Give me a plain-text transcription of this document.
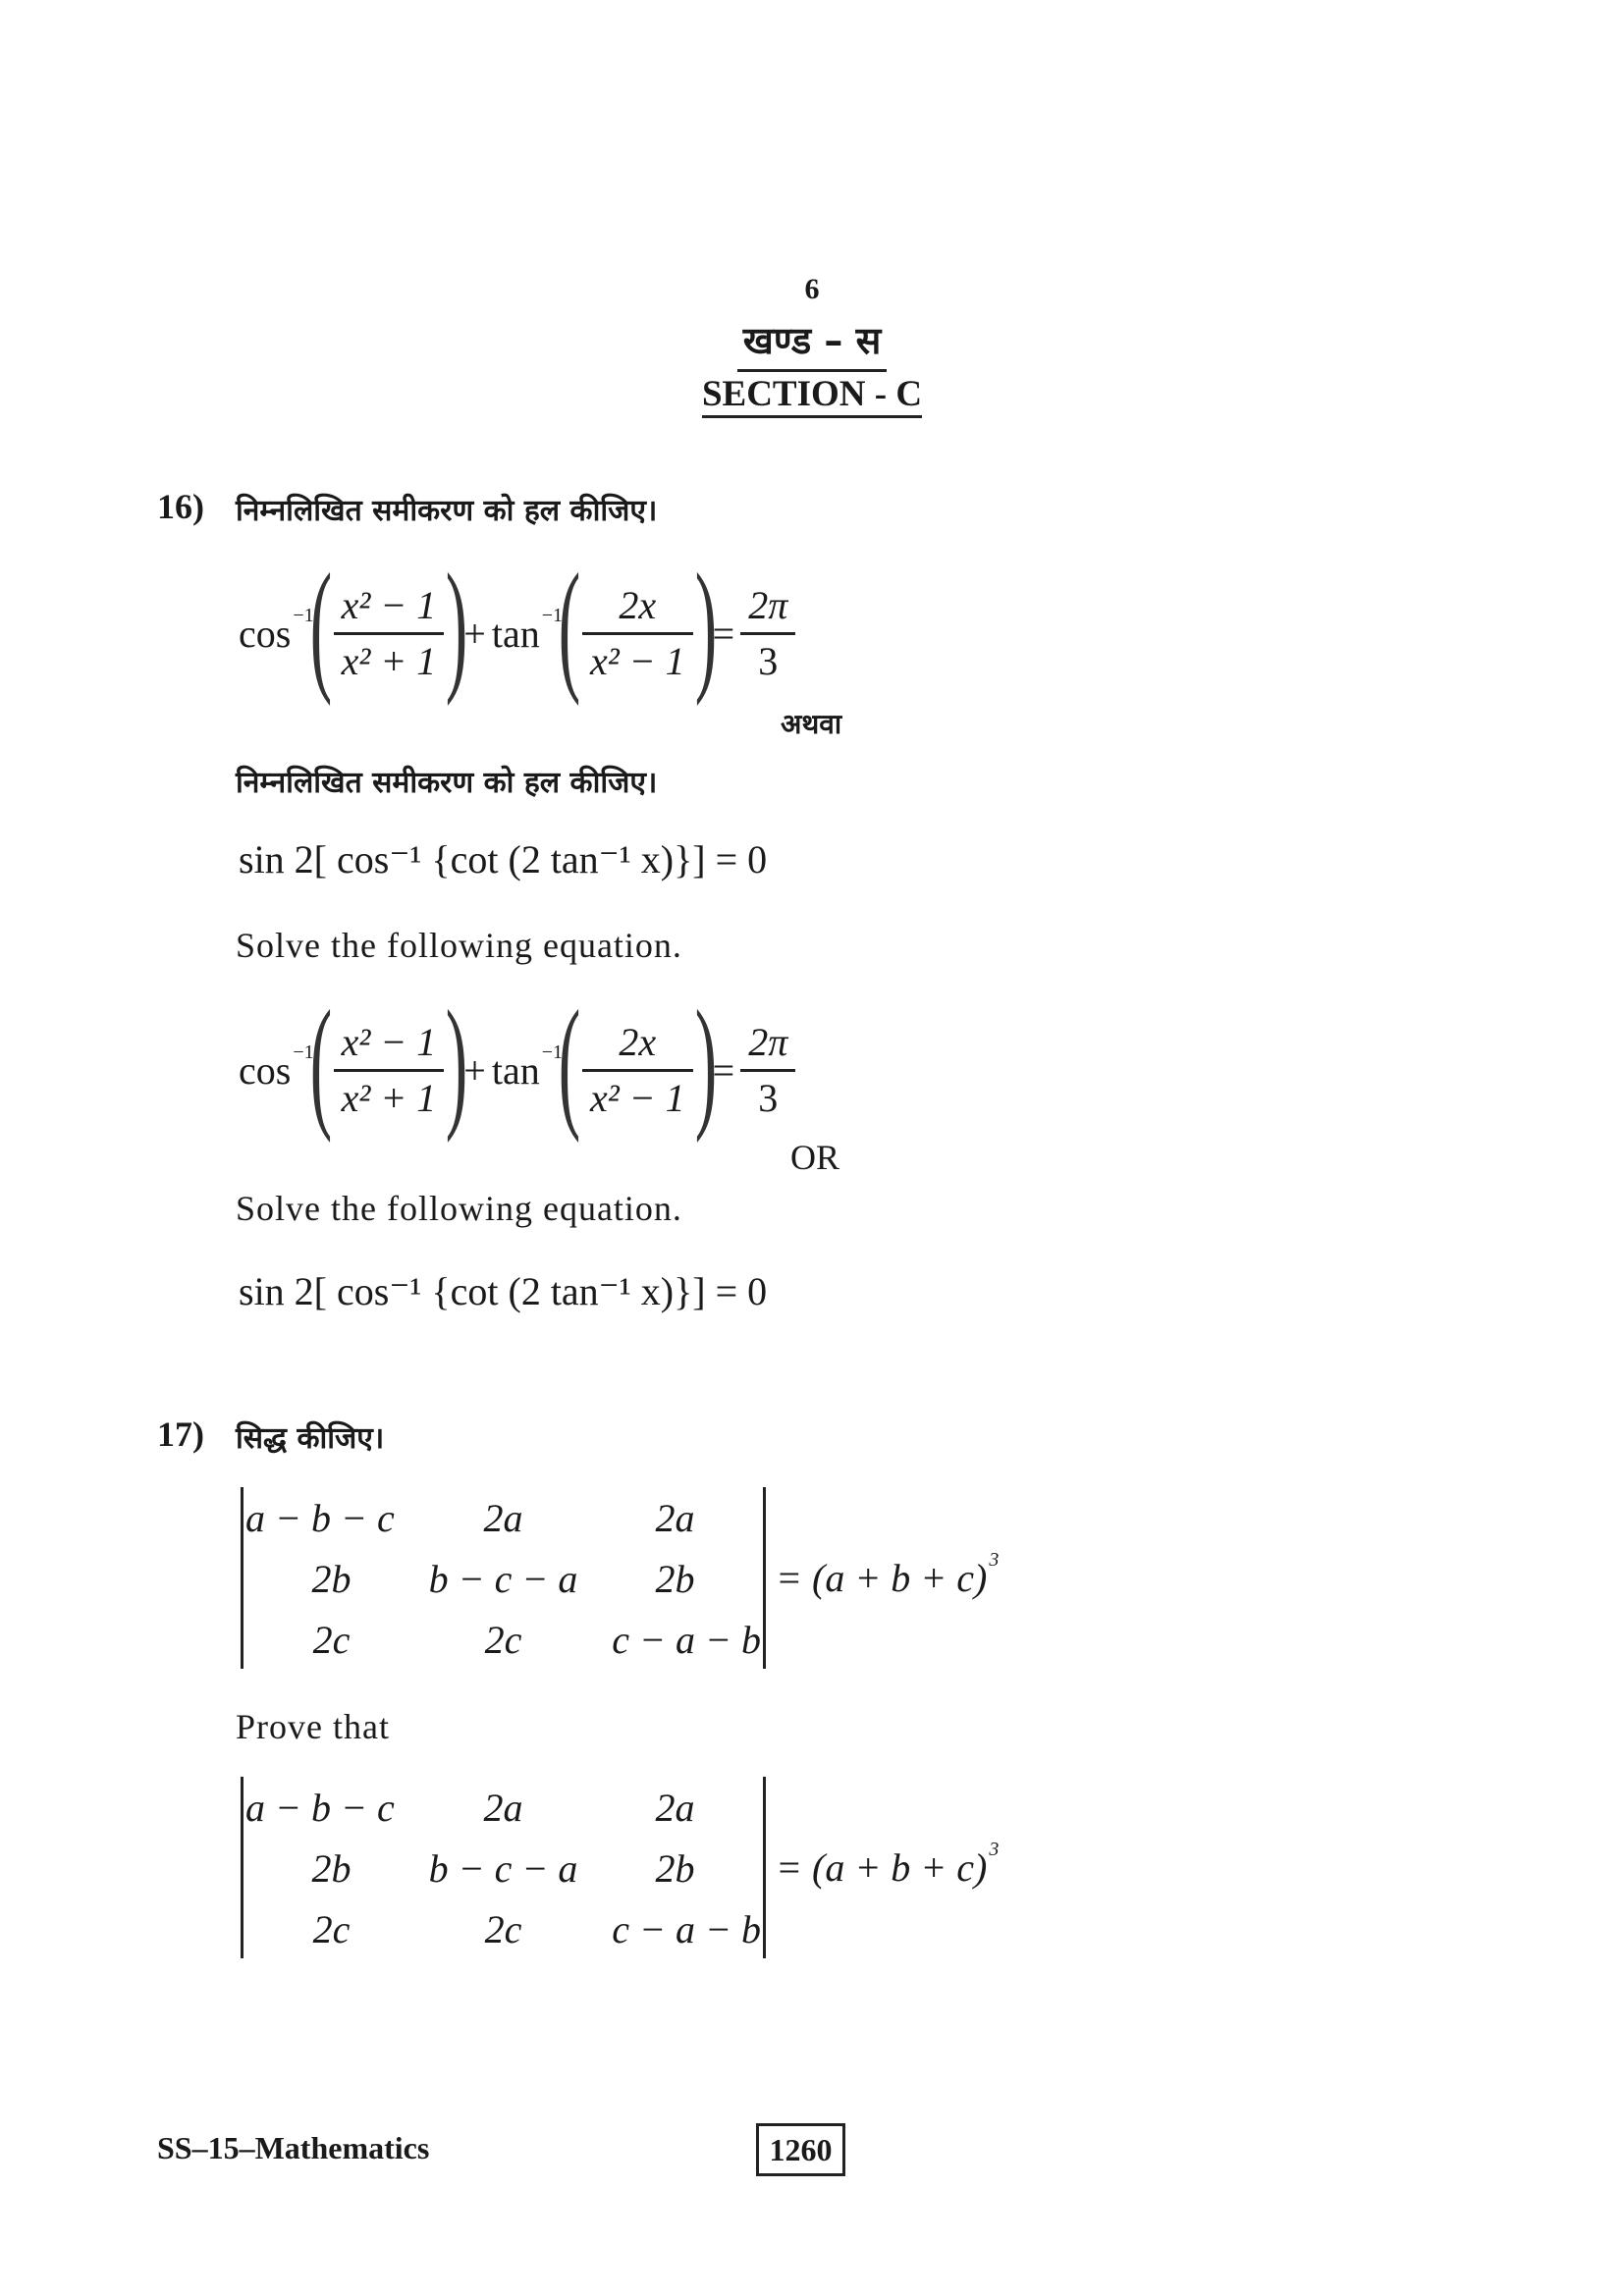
6
खण्ड – स
SECTION - C
16) निम्नलिखित समीकरण को हल कीजिए।
cos −1
( $\frac{\text{x² − 1}}{\text{x² + 1}}$ )
+ tan −1
( $\frac{2x}{\text{x² − 1}}$ )
= $\frac{2\pi}{3}$
अथवा
निम्नलिखित समीकरण को हल कीजिए।
sin 2[ cos⁻¹ {cot (2 tan⁻¹ x)}] = 0
Solve the following equation.
cos −1
( $\frac{\text{x² − 1}}{\text{x² + 1}}$ )
+ tan −1
( $\frac{2x}{\text{x² − 1}}$ )
= $\frac{2\pi}{3}$
OR
Solve the following equation.
sin 2[ cos⁻¹ {cot (2 tan⁻¹ x)}] = 0
17) सिद्ध कीजिए।
a − b − c	2a	2a
2b	b − c − a	2b
2c	2c	c − a − b
= (a + b + c) 3
Prove that
a − b − c	2a	2a
2b	b − c − a	2b
2c	2c	c − a − b
= (a + b + c) 3
SS–15–Mathematics	1260
